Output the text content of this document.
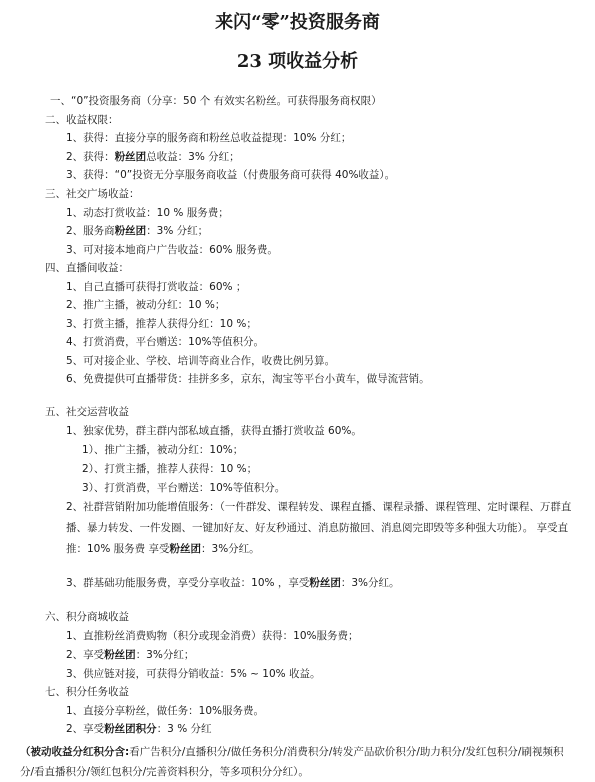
来闪“零”投资服务商
23 项收益分析
一、“0”投资服务商（分享：50 个 有效实名粉丝。可获得服务商权限）
二、收益权限：
1、获得：直接分享的服务商和粉丝总收益提现：10% 分红；
2、获得：粉丝团总收益：3% 分红；
3、获得：“0”投资无分享服务商收益（付费服务商可获得 40%收益）。
三、社交广场收益：
1、动态打赏收益：10 % 服务费；
2、服务商粉丝团：3% 分红；
3、可对接本地商户广告收益：60% 服务费。
四、直播间收益：
1、自己直播可获得打赏收益：60% ；
2、推广主播，被动分红：10 %；
3、打赏主播，推荐人获得分红：10 %；
4、打赏消费，平台赠送：10%等值积分。
5、可对接企业、学校、培训等商业合作，收费比例另算。
6、免费提供可直播带货：挂拼多多，京东，淘宝等平台小黄车，做导流营销。
五、社交运营收益
1、独家优势，群主群内部私域直播，获得直播打赏收益 60%。
1）、推广主播，被动分红：10%；
2）、打赏主播，推荐人获得：10 %；
3）、打赏消费，平台赠送：10%等值积分。
2、社群营销附加功能增值服务：（一件群发、课程转发、课程直播、课程录播、课程管理、定时课程、万群直播、暴力转发、一件发圈、一键加好友、好友秒通过、消息防撤回、消息阅完即毁等多种强大功能）。 享受直推：10% 服务费 享受粉丝团：3%分红。
3、群基础功能服务费，享受分享收益：10% ，享受粉丝团：3%分红。
六、积分商城收益
1、直推粉丝消费购物（积分或现金消费）获得：10%服务费；
2、享受粉丝团：3%分红；
3、供应链对接，可获得分销收益：5% ~ 10% 收益。
七、积分任务收益
1、直接分享粉丝，做任务：10%服务费。
2、享受粉丝团积分：3 % 分红
（被动收益分红积分含:看广告积分/直播积分/做任务积分/消费积分/转发产品砍价积分/助力积分/发红包积分/刷视频积分/看直播积分/领红包积分/完善资料积分，等多项积分分红）。
